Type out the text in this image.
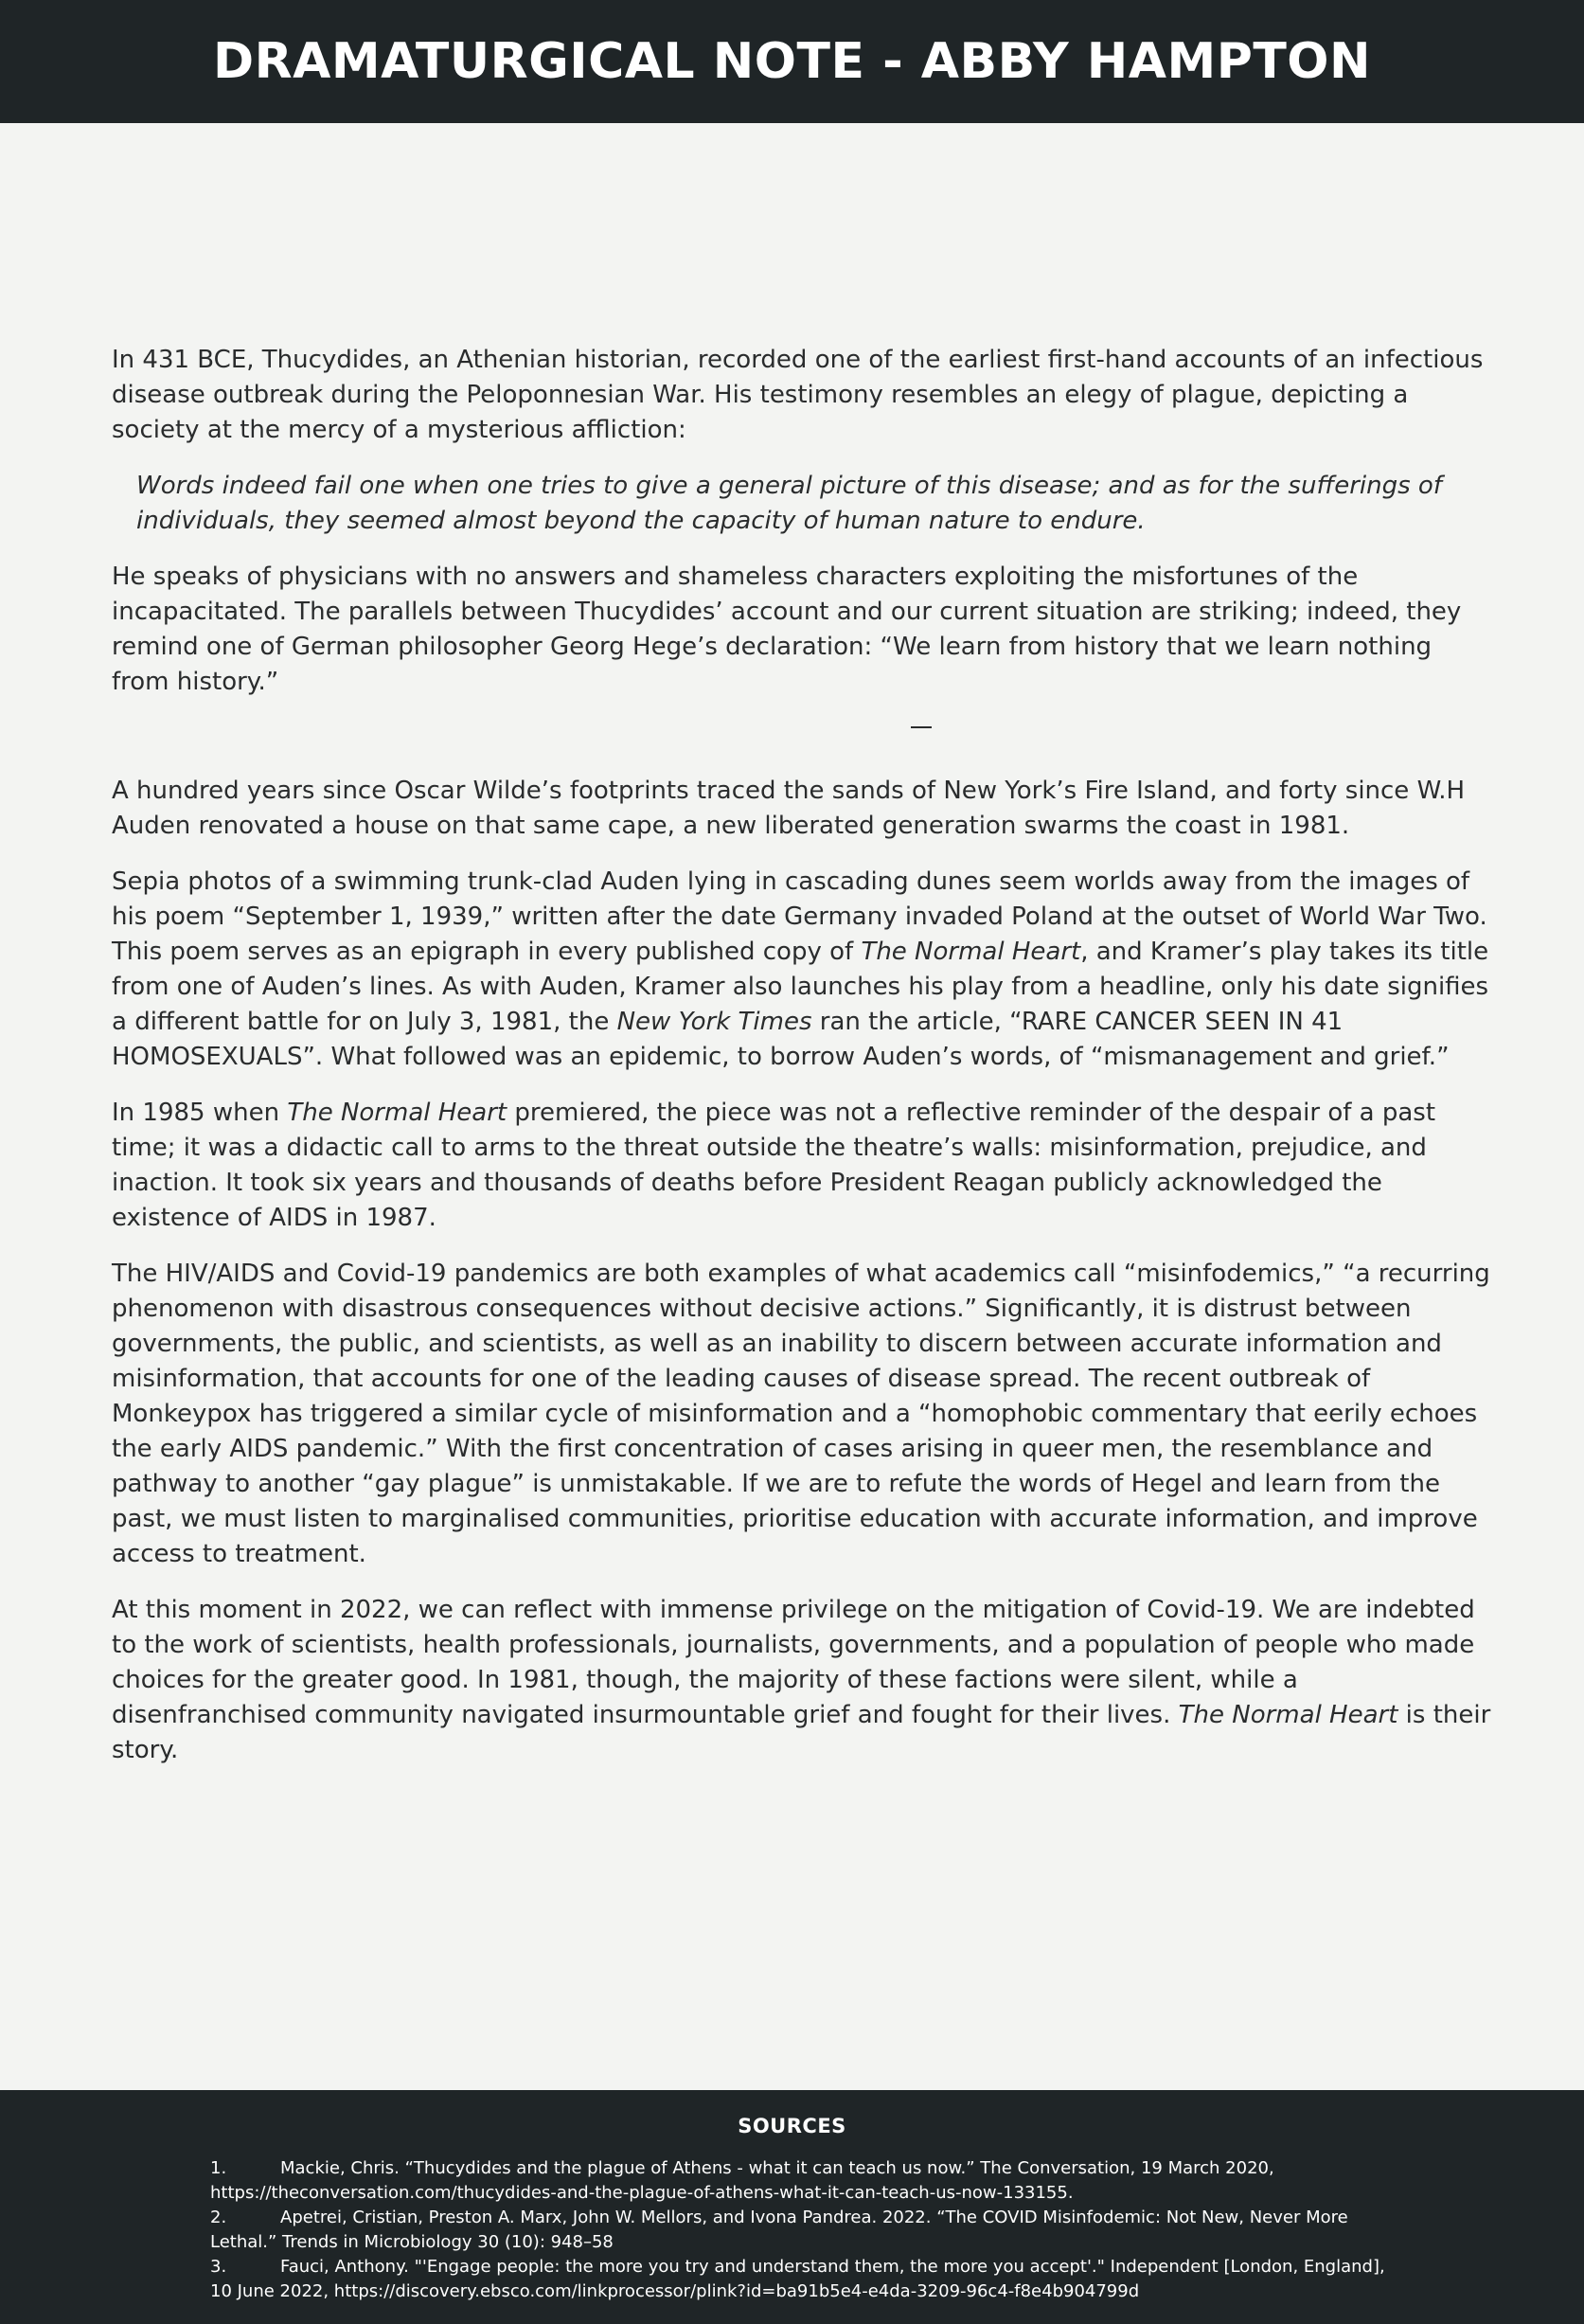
DRAMATURGICAL NOTE - ABBY HAMPTON

In 431 BCE, Thucydides, an Athenian historian, recorded one of the earliest first-hand accounts of an infectious disease outbreak during the Peloponnesian War. His testimony resembles an elegy of plague, depicting a society at the mercy of a mysterious affliction:

Words indeed fail one when one tries to give a general picture of this disease; and as for the sufferings of individuals, they seemed almost beyond the capacity of human nature to endure.

He speaks of physicians with no answers and shameless characters exploiting the misfortunes of the incapacitated. The parallels between Thucydides’ account and our current situation are striking; indeed, they remind one of German philosopher Georg Hege’s declaration: “We learn from history that we learn nothing from history.”

A hundred years since Oscar Wilde’s footprints traced the sands of New York’s Fire Island, and forty since W.H Auden renovated a house on that same cape, a new liberated generation swarms the coast in 1981.

Sepia photos of a swimming trunk-clad Auden lying in cascading dunes seem worlds away from the images of his poem “September 1, 1939,” written after the date Germany invaded Poland at the outset of World War Two. This poem serves as an epigraph in every published copy of The Normal Heart, and Kramer’s play takes its title from one of Auden’s lines. As with Auden, Kramer also launches his play from a headline, only his date signifies a different battle for on July 3, 1981, the New York Times ran the article, “RARE CANCER SEEN IN 41 HOMOSEXUALS”. What followed was an epidemic, to borrow Auden’s words, of “mismanagement and grief.”

In 1985 when The Normal Heart premiered, the piece was not a reflective reminder of the despair of a past time; it was a didactic call to arms to the threat outside the theatre’s walls: misinformation, prejudice, and inaction. It took six years and thousands of deaths before President Reagan publicly acknowledged the existence of AIDS in 1987.

The HIV/AIDS and Covid-19 pandemics are both examples of what academics call “misinfodemics,” “a recurring phenomenon with disastrous consequences without decisive actions.” Significantly, it is distrust between governments, the public, and scientists, as well as an inability to discern between accurate information and misinformation, that accounts for one of the leading causes of disease spread. The recent outbreak of Monkeypox has triggered a similar cycle of misinformation and a “homophobic commentary that eerily echoes the early AIDS pandemic.” With the first concentration of cases arising in queer men, the resemblance and pathway to another “gay plague” is unmistakable. If we are to refute the words of Hegel and learn from the past, we must listen to marginalised communities, prioritise education with accurate information, and improve access to treatment.

At this moment in 2022, we can reflect with immense privilege on the mitigation of Covid-19. We are indebted to the work of scientists, health professionals, journalists, governments, and a population of people who made choices for the greater good. In 1981, though, the majority of these factions were silent, while a disenfranchised community navigated insurmountable grief and fought for their lives. The Normal Heart is their story.

SOURCES

1.	Mackie, Chris. “Thucydides and the plague of Athens - what it can teach us now.” The Conversation, 19 March 2020, https://theconversation.com/thucydides-and-the-plague-of-athens-what-it-can-teach-us-now-133155.

2.	Apetrei, Cristian, Preston A. Marx, John W. Mellors, and Ivona Pandrea. 2022. “The COVID Misinfodemic: Not New, Never More Lethal.” Trends in Microbiology 30 (10): 948–58

3.	Fauci, Anthony. "'Engage people: the more you try and understand them, the more you accept'." Independent [London, England], 10 June 2022, https://discovery.ebsco.com/linkprocessor/plink?id=ba91b5e4-e4da-3209-96c4-f8e4b904799d
